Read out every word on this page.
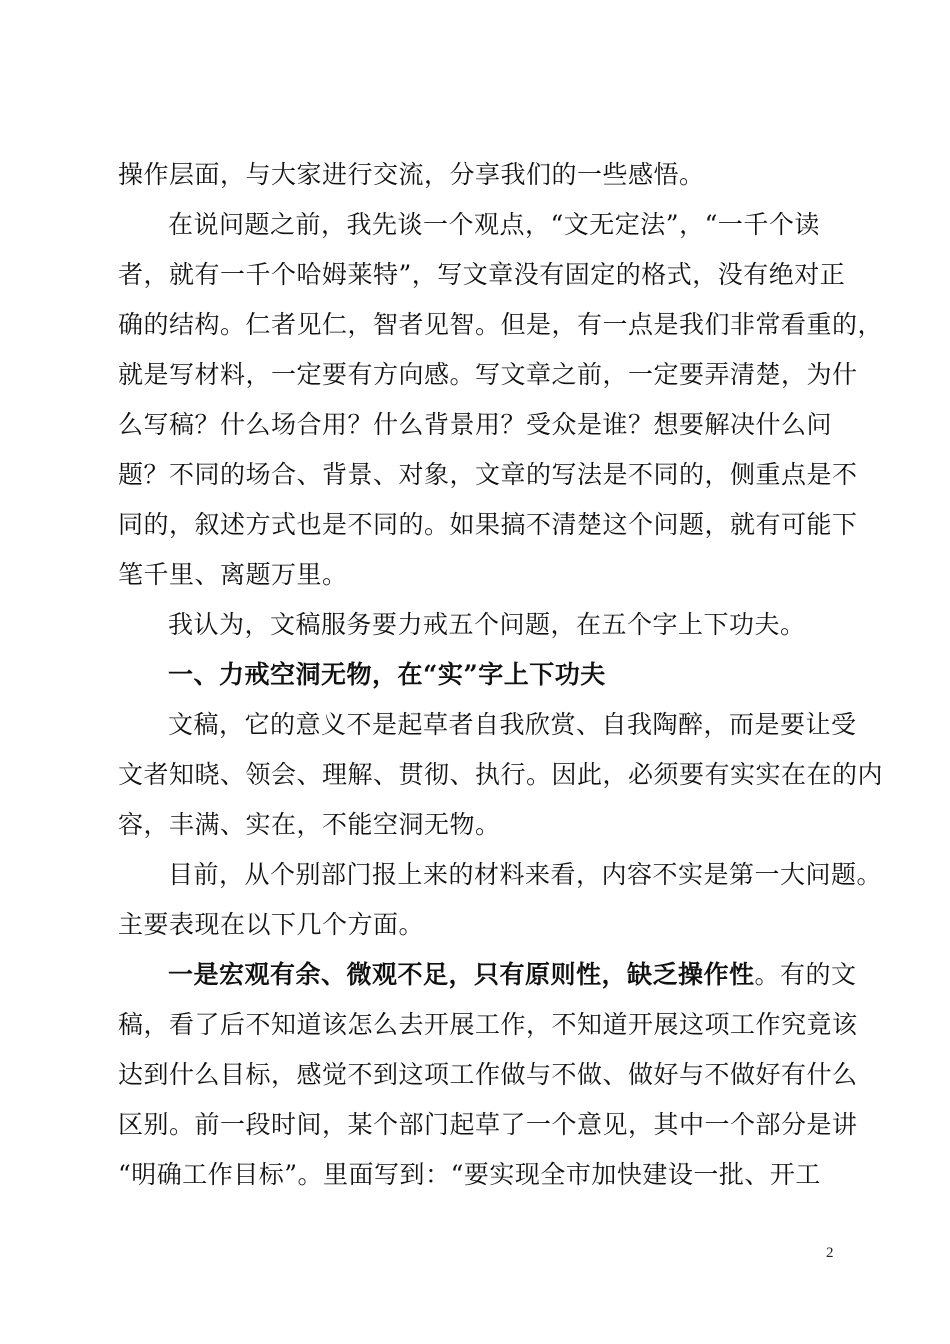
操作层面，与大家进行交流，分享我们的一些感悟。
在说问题之前，我先谈一个观点，“文无定法”，“一千个读
者，就有一千个哈姆莱特”，写文章没有固定的格式，没有绝对正
确的结构。仁者见仁，智者见智。但是，有一点是我们非常看重的，
就是写材料，一定要有方向感。写文章之前，一定要弄清楚，为什
么写稿？什么场合用？什么背景用？受众是谁？想要解决什么问
题？不同的场合、背景、对象，文章的写法是不同的，侧重点是不
同的，叙述方式也是不同的。如果搞不清楚这个问题，就有可能下
笔千里、离题万里。
我认为，文稿服务要力戒五个问题，在五个字上下功夫。
一、力戒空洞无物，在“实”字上下功夫
文稿，它的意义不是起草者自我欣赏、自我陶醉，而是要让受
文者知晓、领会、理解、贯彻、执行。因此，必须要有实实在在的内
容，丰满、实在，不能空洞无物。
目前，从个别部门报上来的材料来看，内容不实是第一大问题。
主要表现在以下几个方面。
一是宏观有余、微观不足，只有原则性，缺乏操作性。有的文
稿，看了后不知道该怎么去开展工作，不知道开展这项工作究竟该
达到什么目标，感觉不到这项工作做与不做、做好与不做好有什么
区别。前一段时间，某个部门起草了一个意见，其中一个部分是讲
“明确工作目标”。里面写到：“要实现全市加快建设一批、开工
2
